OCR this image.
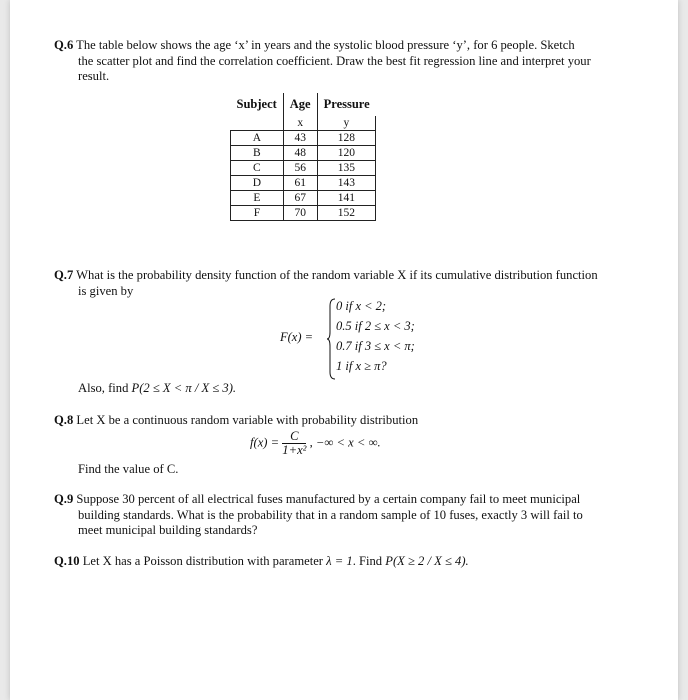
Q.6 The table below shows the age ‘x’ in years and the systolic blood pressure ‘y’, for 6 people. Sketch
the scatter plot and find the correlation coefficient. Draw the best fit regression line and interpret your
result.
Subject	Age	Pressure
	x	y
A	43	128
B	48	120
C	56	135
D	61	143
E	67	141
F	70	152
Q.7 What is the probability density function of the random variable X if its cumulative distribution function
is given by
F(x) =
0 if x < 2;
0.5 if 2 ≤ x < 3;
0.7 if 3 ≤ x < π;
1 if x ≥ π?
Also, find P(2 ≤ X < π / X ≤ 3).
Q.8 Let X be a continuous random variable with probability distribution
$f(x) = \frac{C}{\text{1+x²}}$ , −∞ < x < ∞.
Find the value of C.
Q.9 Suppose 30 percent of all electrical fuses manufactured by a certain company fail to meet municipal
building standards. What is the probability that in a random sample of 10 fuses, exactly 3 will fail to
meet municipal building standards?
Q.10 Let X has a Poisson distribution with parameter λ = 1. Find P(X ≥ 2 / X ≤ 4).
